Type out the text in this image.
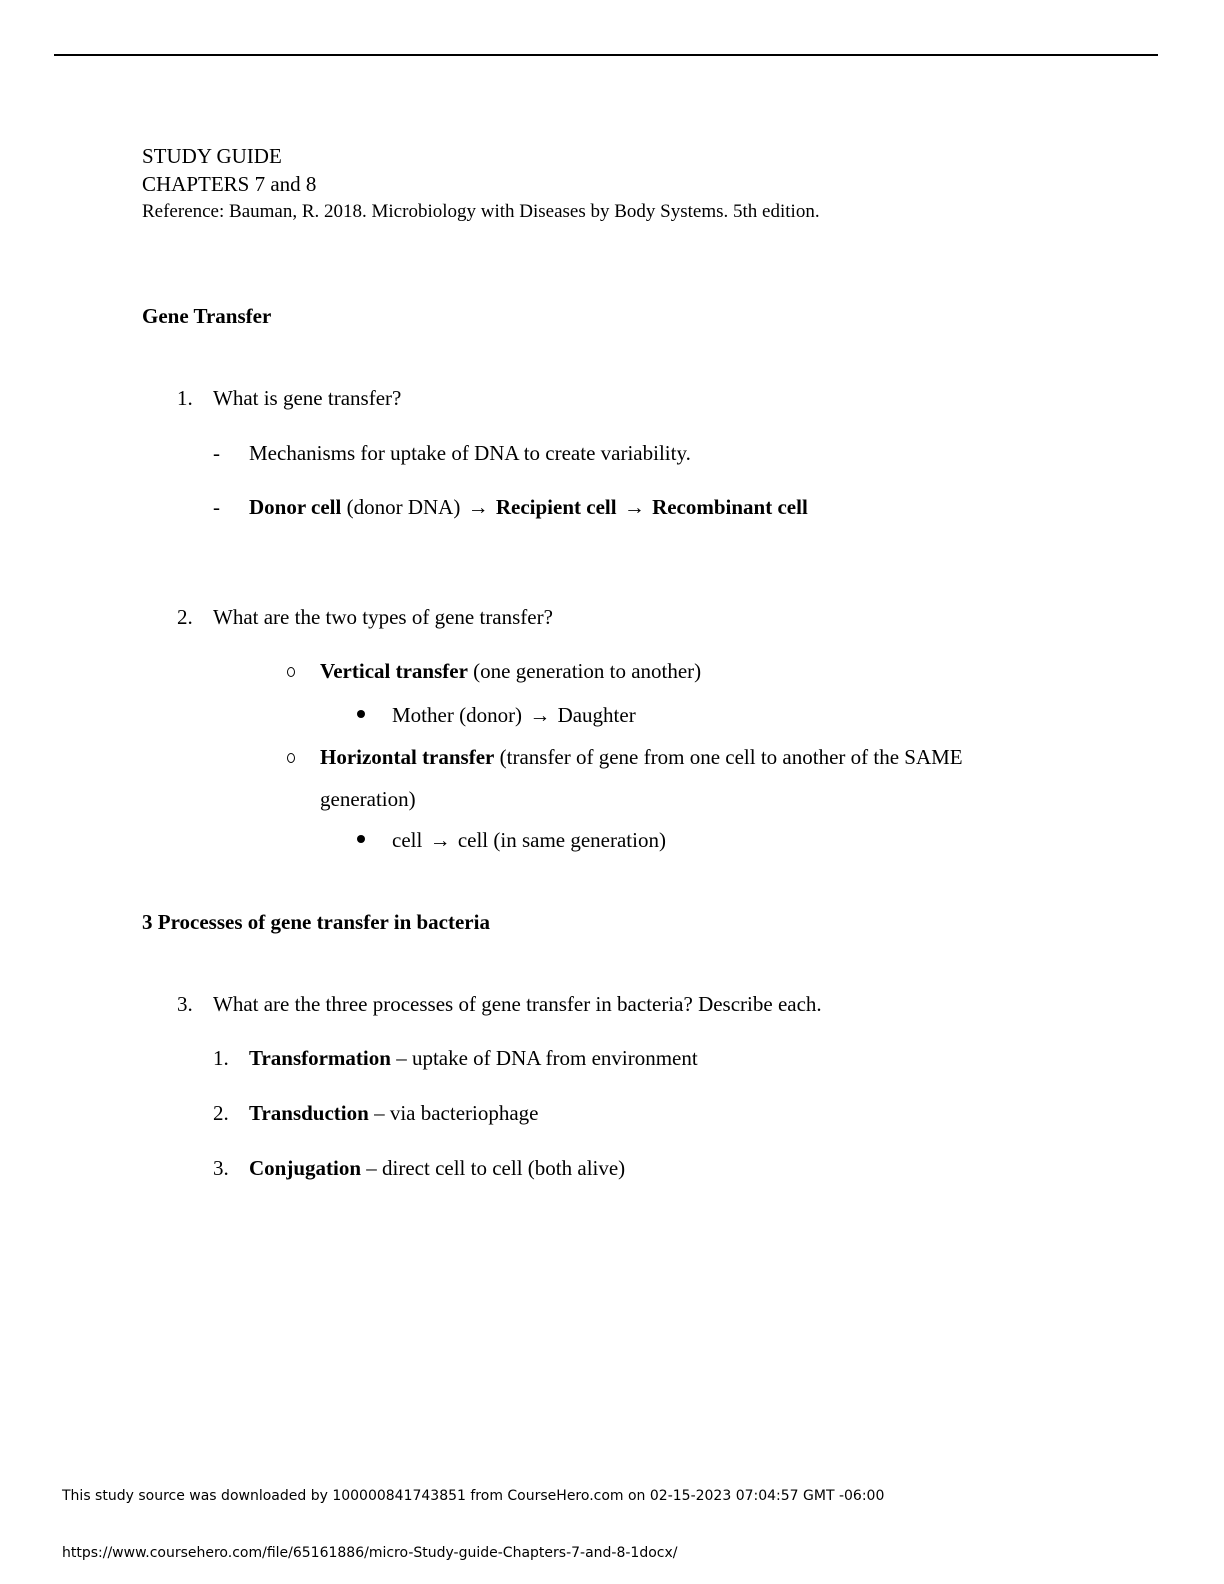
STUDY GUIDE
CHAPTERS 7 and 8
Reference: Bauman, R. 2018. Microbiology with Diseases by Body Systems. 5th edition.
Gene Transfer
1. What is gene transfer?
- Mechanisms for uptake of DNA to create variability.
- Donor cell (donor DNA) → Recipient cell → Recombinant cell
2. What are the two types of gene transfer?
Vertical transfer (one generation to another)
Mother (donor) → Daughter
Horizontal transfer (transfer of gene from one cell to another of the SAME
generation)
cell → cell (in same generation)
3 Processes of gene transfer in bacteria
3. What are the three processes of gene transfer in bacteria? Describe each.
1. Transformation – uptake of DNA from environment
2. Transduction – via bacteriophage
3. Conjugation – direct cell to cell (both alive)
This study source was downloaded by 100000841743851 from CourseHero.com on 02-15-2023 07:04:57 GMT -06:00
https://www.coursehero.com/file/65161886/micro-Study-guide-Chapters-7-and-8-1docx/
